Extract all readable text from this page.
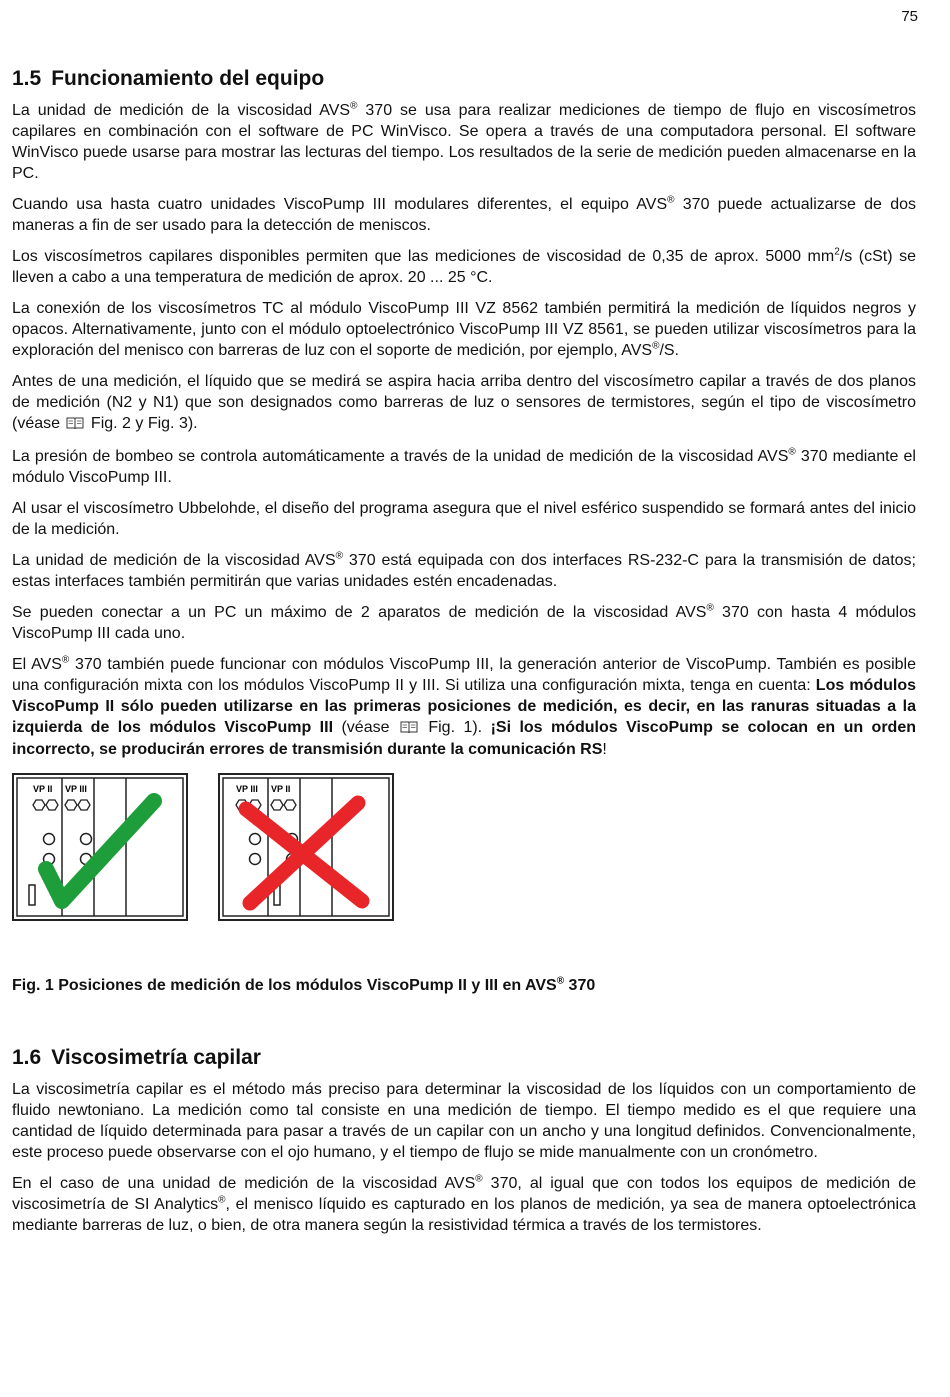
75
1.5 Funcionamiento del equipo

La unidad de medición de la viscosidad AVS® 370 se usa para realizar mediciones de tiempo de flujo en viscosímetros capilares en combinación con el software de PC WinVisco. Se opera a través de una computadora personal. El software WinVisco puede usarse para mostrar las lecturas del tiempo. Los resultados de la serie de medición pueden almacenarse en la PC.

Cuando usa hasta cuatro unidades ViscoPump III modulares diferentes, el equipo AVS® 370 puede actualizarse de dos maneras a fin de ser usado para la detección de meniscos.

Los viscosímetros capilares disponibles permiten que las mediciones de viscosidad de 0,35 de aprox. 5000 $mm^2/s$ (cSt) se lleven a cabo a una temperatura de medición de aprox. 20 ... 25 °C.

La conexión de los viscosímetros TC al módulo ViscoPump III VZ 8562 también permitirá la medición de líquidos negros y opacos. Alternativamente, junto con el módulo optoelectrónico ViscoPump III VZ 8561, se pueden utilizar viscosímetros para la exploración del menisco con barreras de luz con el soporte de medición, por ejemplo, AVS®/S.

Antes de una medición, el líquido que se medirá se aspira hacia arriba dentro del viscosímetro capilar a través de dos planos de medición (N2 y N1) que son designados como barreras de luz o sensores de termistores, según el tipo de viscosímetro (véase  Fig. 2 y Fig. 3).

La presión de bombeo se controla automáticamente a través de la unidad de medición de la viscosidad AVS® 370 mediante el módulo ViscoPump III.

Al usar el viscosímetro Ubbelohde, el diseño del programa asegura que el nivel esférico suspendido se formará antes del inicio de la medición.

La unidad de medición de la viscosidad AVS® 370 está equipada con dos interfaces RS-232-C para la transmisión de datos; estas interfaces también permitirán que varias unidades estén encadenadas.

Se pueden conectar a un PC un máximo de 2 aparatos de medición de la viscosidad AVS® 370 con hasta 4 módulos ViscoPump III cada uno.

El AVS® 370 también puede funcionar con módulos ViscoPump III, la generación anterior de ViscoPump. También es posible una configuración mixta con los módulos ViscoPump II y III. Si utiliza una configuración mixta, tenga en cuenta: Los módulos ViscoPump II sólo pueden utilizarse en las primeras posiciones de medición, es decir, en las ranuras situadas a la izquierda de los módulos ViscoPump III (véase  Fig. 1). ¡Si los módulos ViscoPump se colocan en un orden incorrecto, se producirán errores de transmisión durante la comunicación RS!

VP II VP III	VP III VP II
Fig. 1 Posiciones de medición de los módulos ViscoPump II y III en AVS® 370
1.6 Viscosimetría capilar

La viscosimetría capilar es el método más preciso para determinar la viscosidad de los líquidos con un comportamiento de fluido newtoniano. La medición como tal consiste en una medición de tiempo. El tiempo medido es el que requiere una cantidad de líquido determinada para pasar a través de un capilar con un ancho y una longitud definidos. Convencionalmente, este proceso puede observarse con el ojo humano, y el tiempo de flujo se mide manualmente con un cronómetro.

En el caso de una unidad de medición de la viscosidad AVS® 370, al igual que con todos los equipos de medición de viscosimetría de SI Analytics®, el menisco líquido es capturado en los planos de medición, ya sea de manera optoelectrónica mediante barreras de luz, o bien, de otra manera según la resistividad térmica a través de los termistores.
